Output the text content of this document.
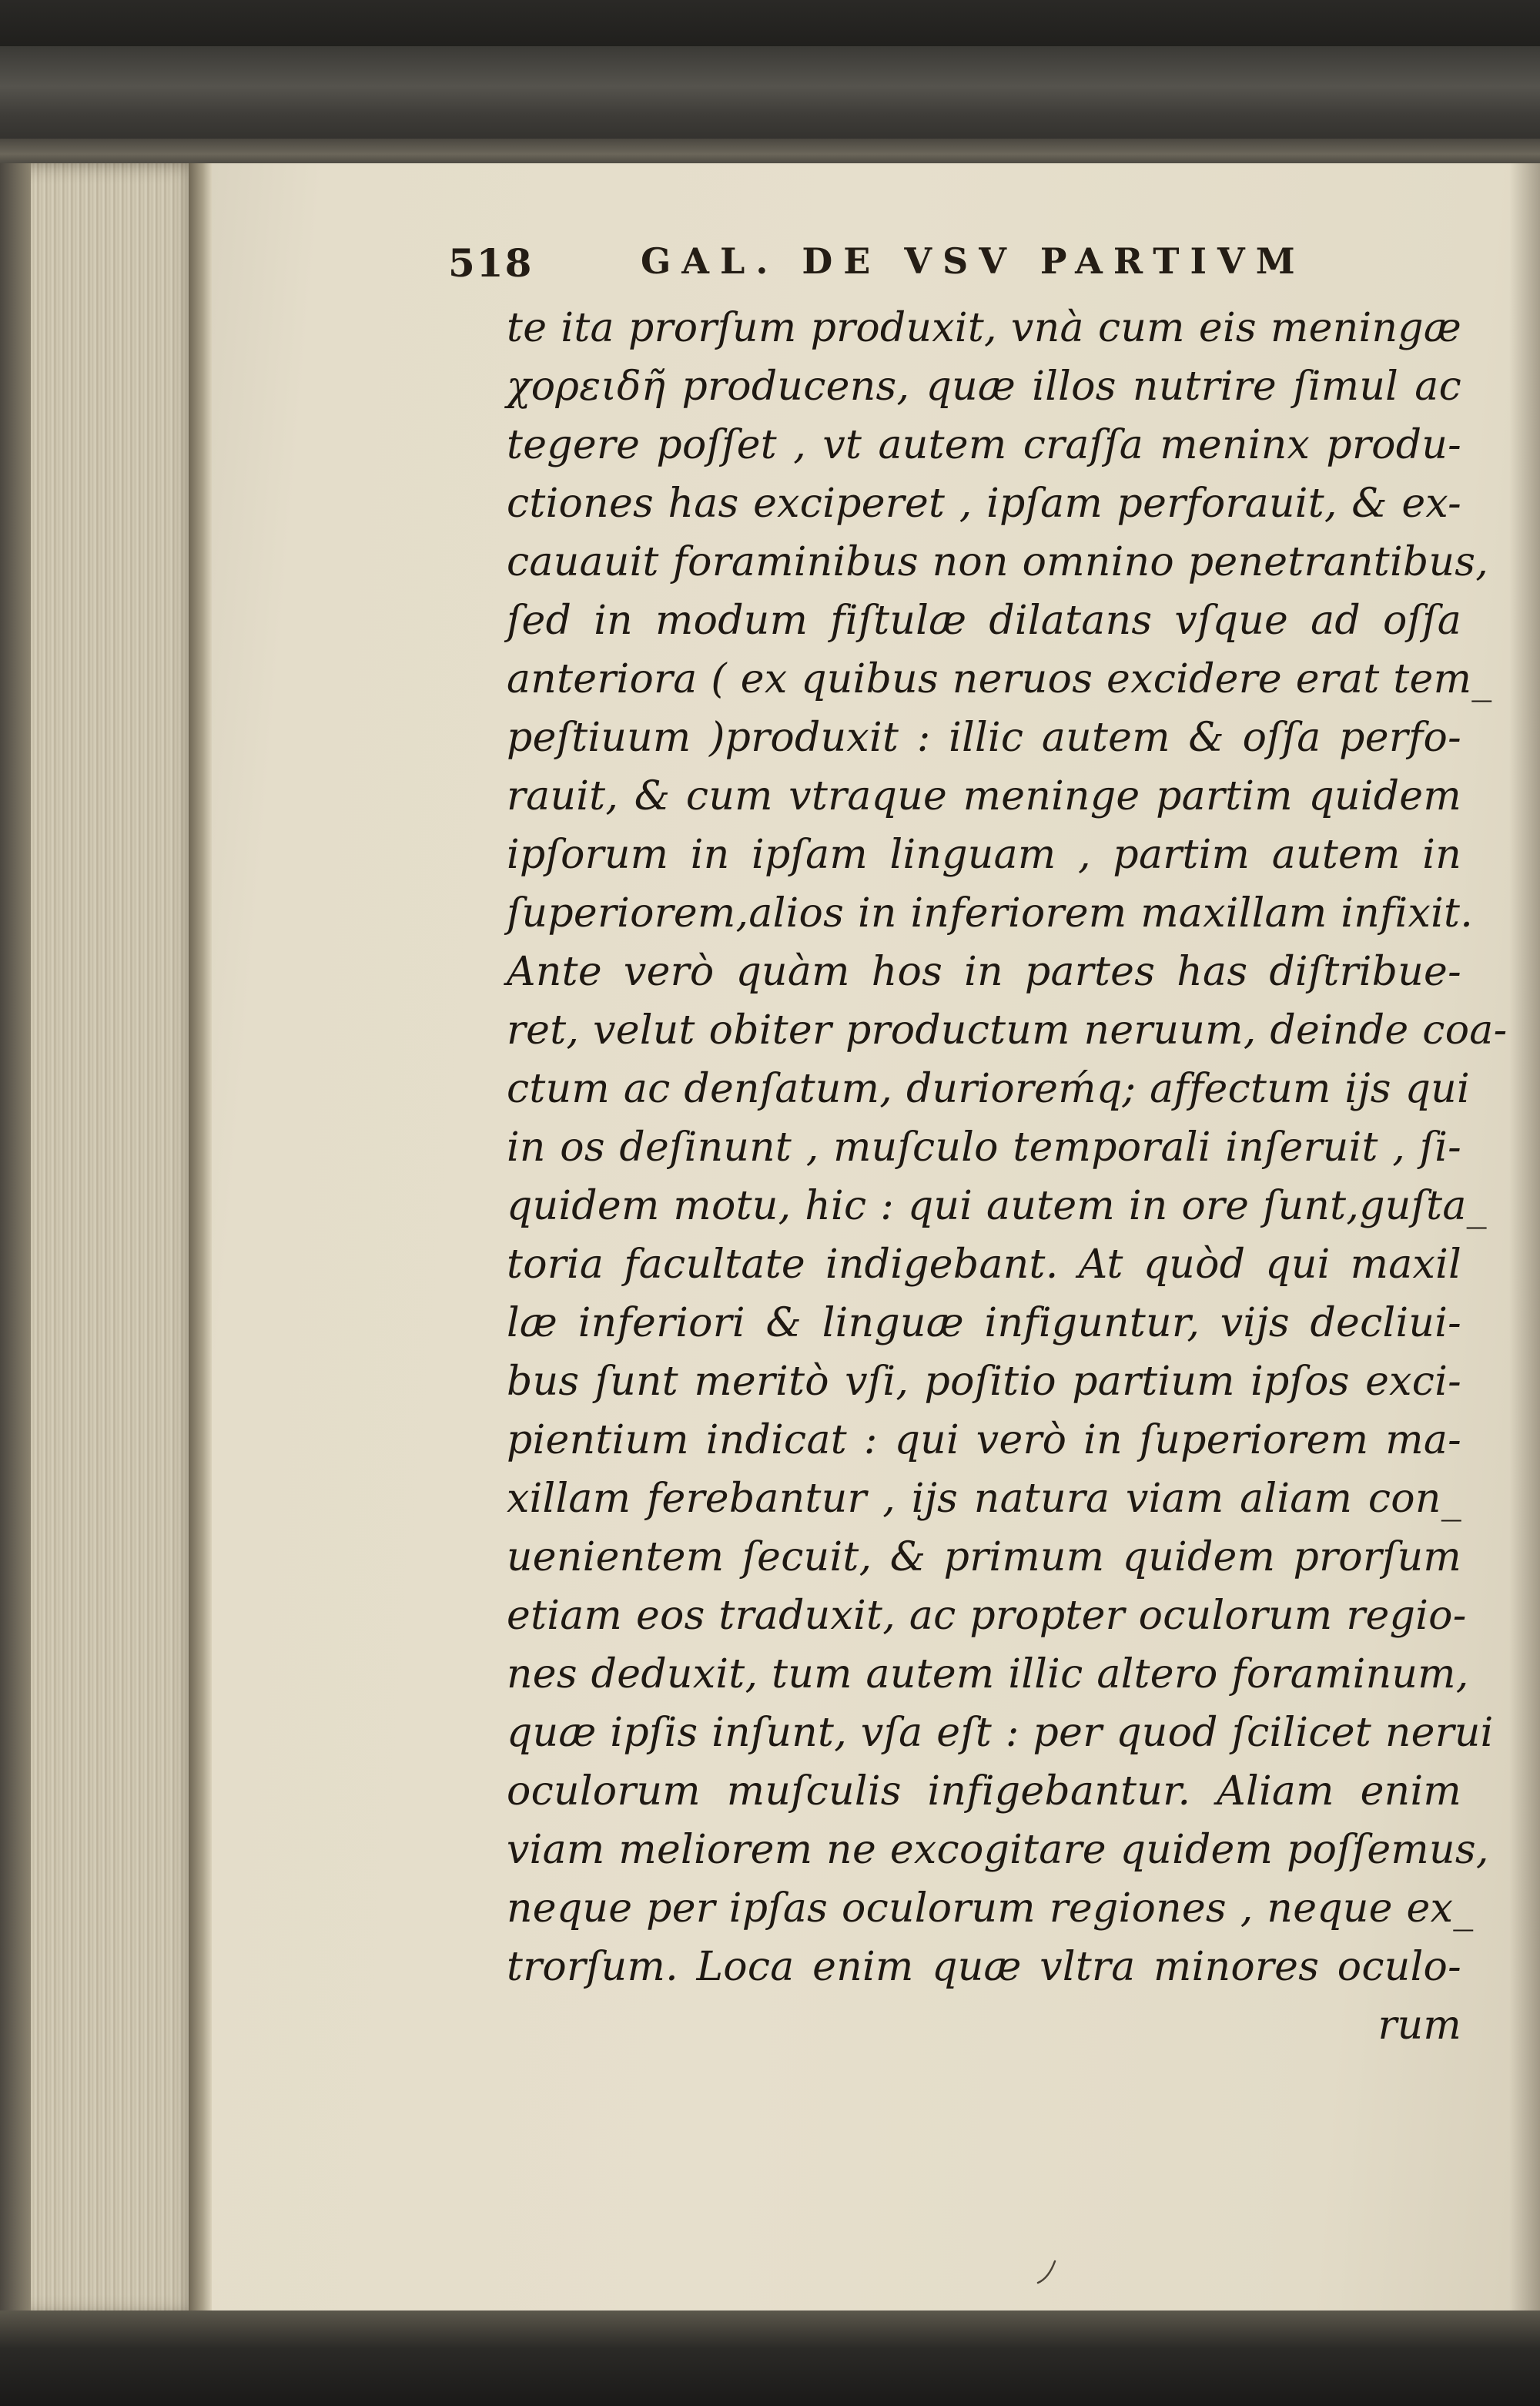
518	GAL. DE VSV PARTIVM
te ita prorſum produxit, vnà cum eis meningæ
χορειδῆ producens, quæ illos nutrire ſimul ac
tegere poſſet , vt autem craſſa meninx produ-
ctiones has exciperet , ipſam perforauit, & ex-
cauauit foraminibus non omnino penetrantibus,
ſed in modum fiſtulæ dilatans vſque ad oſſa
anteriora ( ex quibus neruos excidere erat tem_
peſtiuum )produxit : illic autem & oſſa perfo-
rauit, & cum vtraque meninge partim quidem
ipſorum in ipſam linguam , partim autem in
ſuperiorem,alios in inferiorem maxillam infixit.
Ante verò quàm hos in partes has diſtribue-
ret, velut obiter productum neruum, deinde coa-
ctum ac denſatum, durioreḿq; affectum ijs qui
in os deſinunt , muſculo temporali inſeruit , ſi-
quidem motu, hic : qui autem in ore ſunt,guſta_
toria facultate indigebant. At quòd qui maxil
læ inferiori & linguæ infiguntur, vijs decliui-
bus ſunt meritò vſi, poſitio partium ipſos exci-
pientium indicat : qui verò in ſuperiorem ma-
xillam ferebantur , ijs natura viam aliam con_
uenientem ſecuit, & primum quidem prorſum
etiam eos traduxit, ac propter oculorum regio-
nes deduxit, tum autem illic altero foraminum,
quæ ipſis inſunt, vſa eſt : per quod ſcilicet nerui
oculorum muſculis infigebantur. Aliam enim
viam meliorem ne excogitare quidem poſſemus,
neque per ipſas oculorum regiones , neque ex_
trorſum. Loca enim quæ vltra minores oculo-
rum
